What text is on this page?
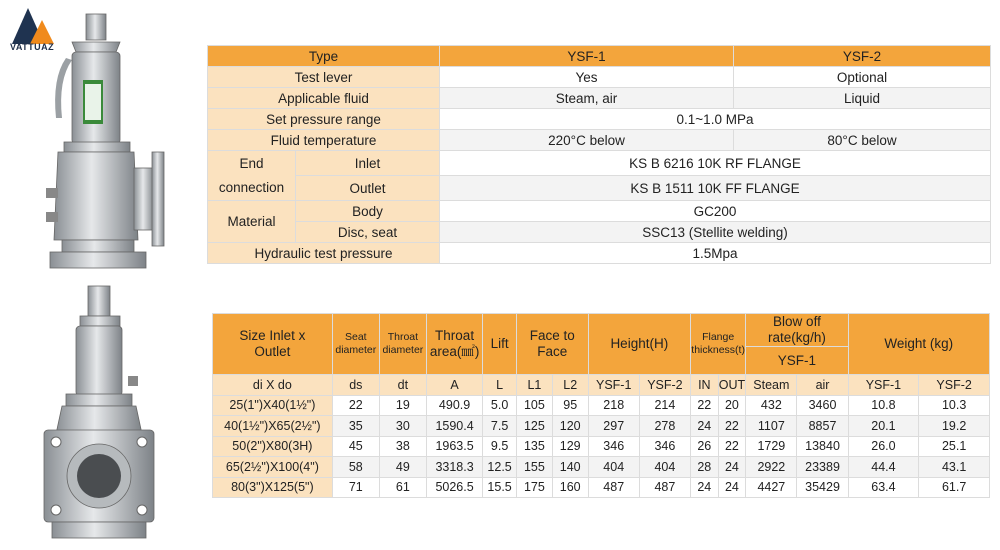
VATTUAZ
Type		YSF-1	YSF-2
Test lever		Yes	Optional
Applicable fluid		Steam, air	Liquid
Set pressure range		0.1~1.0 MPa	
Fluid temperature		220°C below	80°C below
End
connection	Inlet	KS B 6216 10K RF FLANGE	
	Outlet	KS B 1511 10K FF FLANGE	
Material	Body	GC200	
	Disc, seat	SSC13 (Stellite welding)	
Hydraulic test pressure		1.5Mpa	
Size Inlet x Outlet	Seat diameter	Throat diameter	Throat area(㎟)	Lift	Face to Face		Height(H)		Flange thickness(t)		Blow off rate(kg/h)		Weight (kg)	
											YSF-1			
di X do	ds	dt	A	L	L1	L2	YSF-1	YSF-2	IN	OUT	Steam	air	YSF-1	YSF-2
25(1")X40(1½")	22	19	490.9	5.0	105	95	218	214	22	20	432	3460	10.8	10.3
40(1½")X65(2½")	35	30	1590.4	7.5	125	120	297	278	24	22	1107	8857	20.1	19.2
50(2")X80(3H)	45	38	1963.5	9.5	135	129	346	346	26	22	1729	13840	26.0	25.1
65(2½")X100(4")	58	49	3318.3	12.5	155	140	404	404	28	24	2922	23389	44.4	43.1
80(3")X125(5")	71	61	5026.5	15.5	175	160	487	487	24	24	4427	35429	63.4	61.7
